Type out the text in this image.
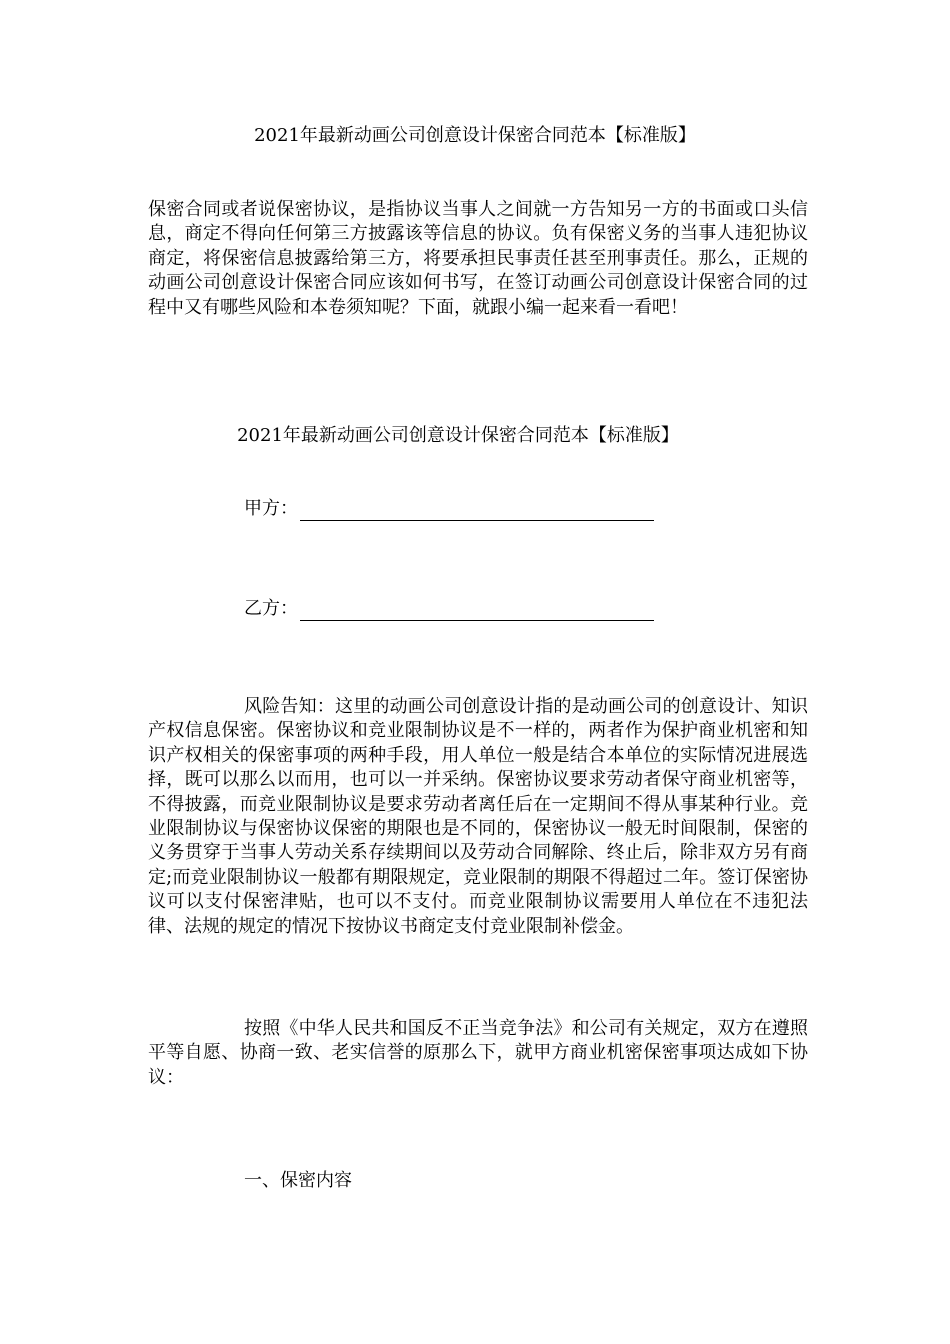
2021年最新动画公司创意设计保密合同范本【标准版】
保密合同或者说保密协议，是指协议当事人之间就一方告知另一方的书面或口头信息，商定不得向任何第三方披露该等信息的协议。负有保密义务的当事人违犯协议商定，将保密信息披露给第三方，将要承担民事责任甚至刑事责任。那么，正规的动画公司创意设计保密合同应该如何书写，在签订动画公司创意设计保密合同的过程中又有哪些风险和本卷须知呢？下面，就跟小编一起来看一看吧！
2021年最新动画公司创意设计保密合同范本【标准版】
甲方：
乙方：
风险告知：这里的动画公司创意设计指的是动画公司的创意设计、知识产权信息保密。保密协议和竞业限制协议是不一样的，两者作为保护商业机密和知识产权相关的保密事项的两种手段，用人单位一般是结合本单位的实际情况进展选择，既可以那么以而用，也可以一并采纳。保密协议要求劳动者保守商业机密等，不得披露，而竞业限制协议是要求劳动者离任后在一定期间不得从事某种行业。竞业限制协议与保密协议保密的期限也是不同的，保密协议一般无时间限制，保密的义务贯穿于当事人劳动关系存续期间以及劳动合同解除、终止后，除非双方另有商定;而竞业限制协议一般都有期限规定，竞业限制的期限不得超过二年。签订保密协议可以支付保密津贴，也可以不支付。而竞业限制协议需要用人单位在不违犯法律、法规的规定的情况下按协议书商定支付竞业限制补偿金。
按照《中华人民共和国反不正当竞争法》和公司有关规定，双方在遵照平等自愿、协商一致、老实信誉的原那么下，就甲方商业机密保密事项达成如下协议：
一、保密内容
